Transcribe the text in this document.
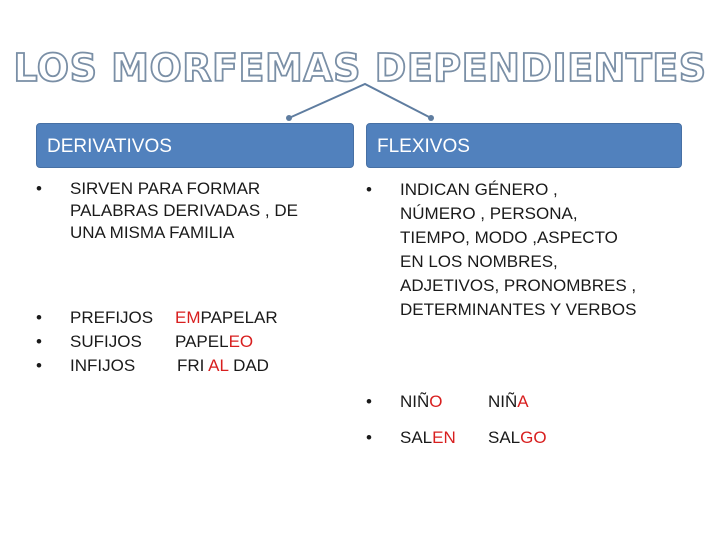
LOS MORFEMAS DEPENDIENTES
DERIVATIVOS	FLEXIVOS
• SIRVEN PARA FORMAR
PALABRAS DERIVADAS , DE
UNA MISMA FAMILIA
• PREFIJOS	EMPAPELAR
• SUFIJOS	PAPELEO
• INFIJOS	FRI AL DAD
• INDICAN GÉNERO ,
NÚMERO , PERSONA,
TIEMPO, MODO ,ASPECTO
EN LOS NOMBRES,
ADJETIVOS, PRONOMBRES ,
DETERMINANTES Y VERBOS
• NIÑO	NIÑA
• SALEN	SALGO
